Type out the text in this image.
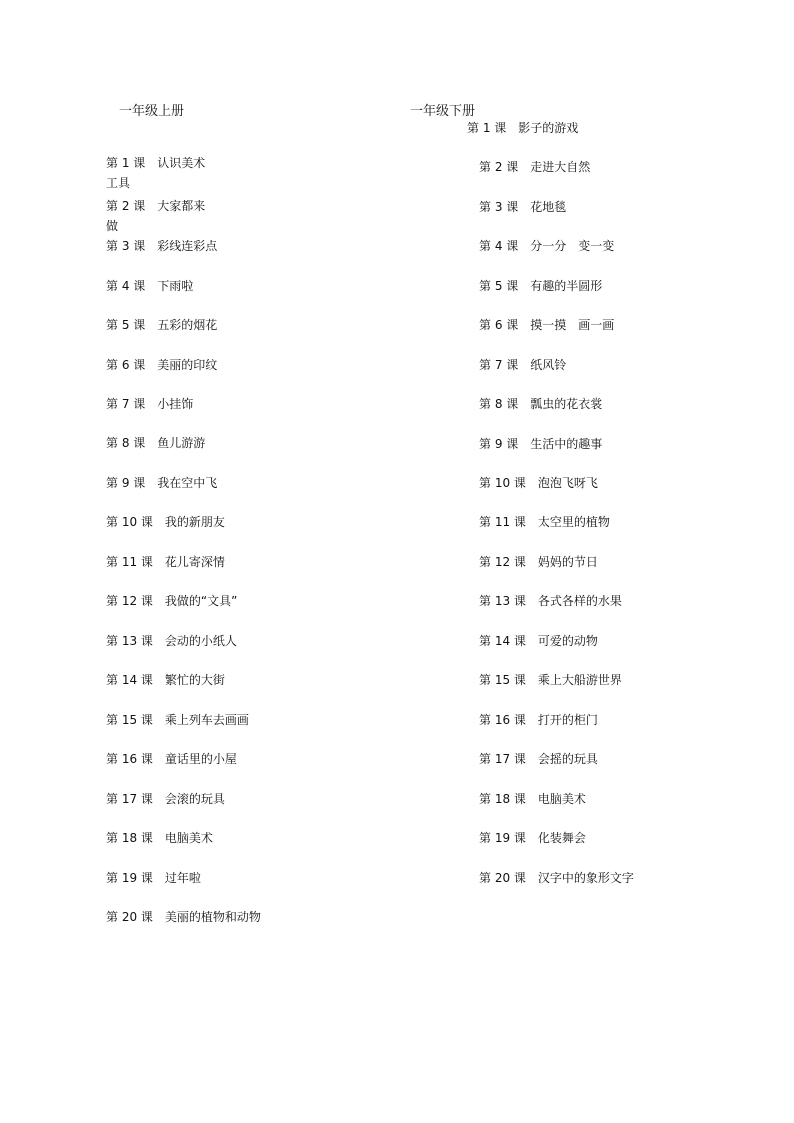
一年级上册	一年级下册
第 1 课 认识美术工具
第 2 课 大家都来做
第 3 课 彩线连彩点
第 4 课 下雨啦
第 5 课 五彩的烟花
第 6 课 美丽的印纹
第 7 课 小挂饰
第 8 课 鱼儿游游
第 9 课 我在空中飞
第 10 课 我的新朋友
第 11 课 花儿寄深情
第 12 课 我做的“文具”
第 13 课 会动的小纸人
第 14 课 繁忙的大街
第 15 课 乘上列车去画画
第 16 课 童话里的小屋
第 17 课 会滚的玩具
第 18 课 电脑美术
第 19 课 过年啦
第 20 课 美丽的植物和动物
第 1 课 影子的游戏
第 2 课 走进大自然
第 3 课 花地毯
第 4 课 分一分　变一变
第 5 课 有趣的半圆形
第 6 课 摸一摸　画一画
第 7 课 纸风铃
第 8 课 瓢虫的花衣裳
第 9 课 生活中的趣事
第 10 课 泡泡飞呀飞
第 11 课 太空里的植物
第 12 课 妈妈的节日
第 13 课 各式各样的水果
第 14 课 可爱的动物
第 15 课 乘上大船游世界
第 16 课 打开的柜门
第 17 课 会摇的玩具
第 18 课 电脑美术
第 19 课 化装舞会
第 20 课 汉字中的象形文字
